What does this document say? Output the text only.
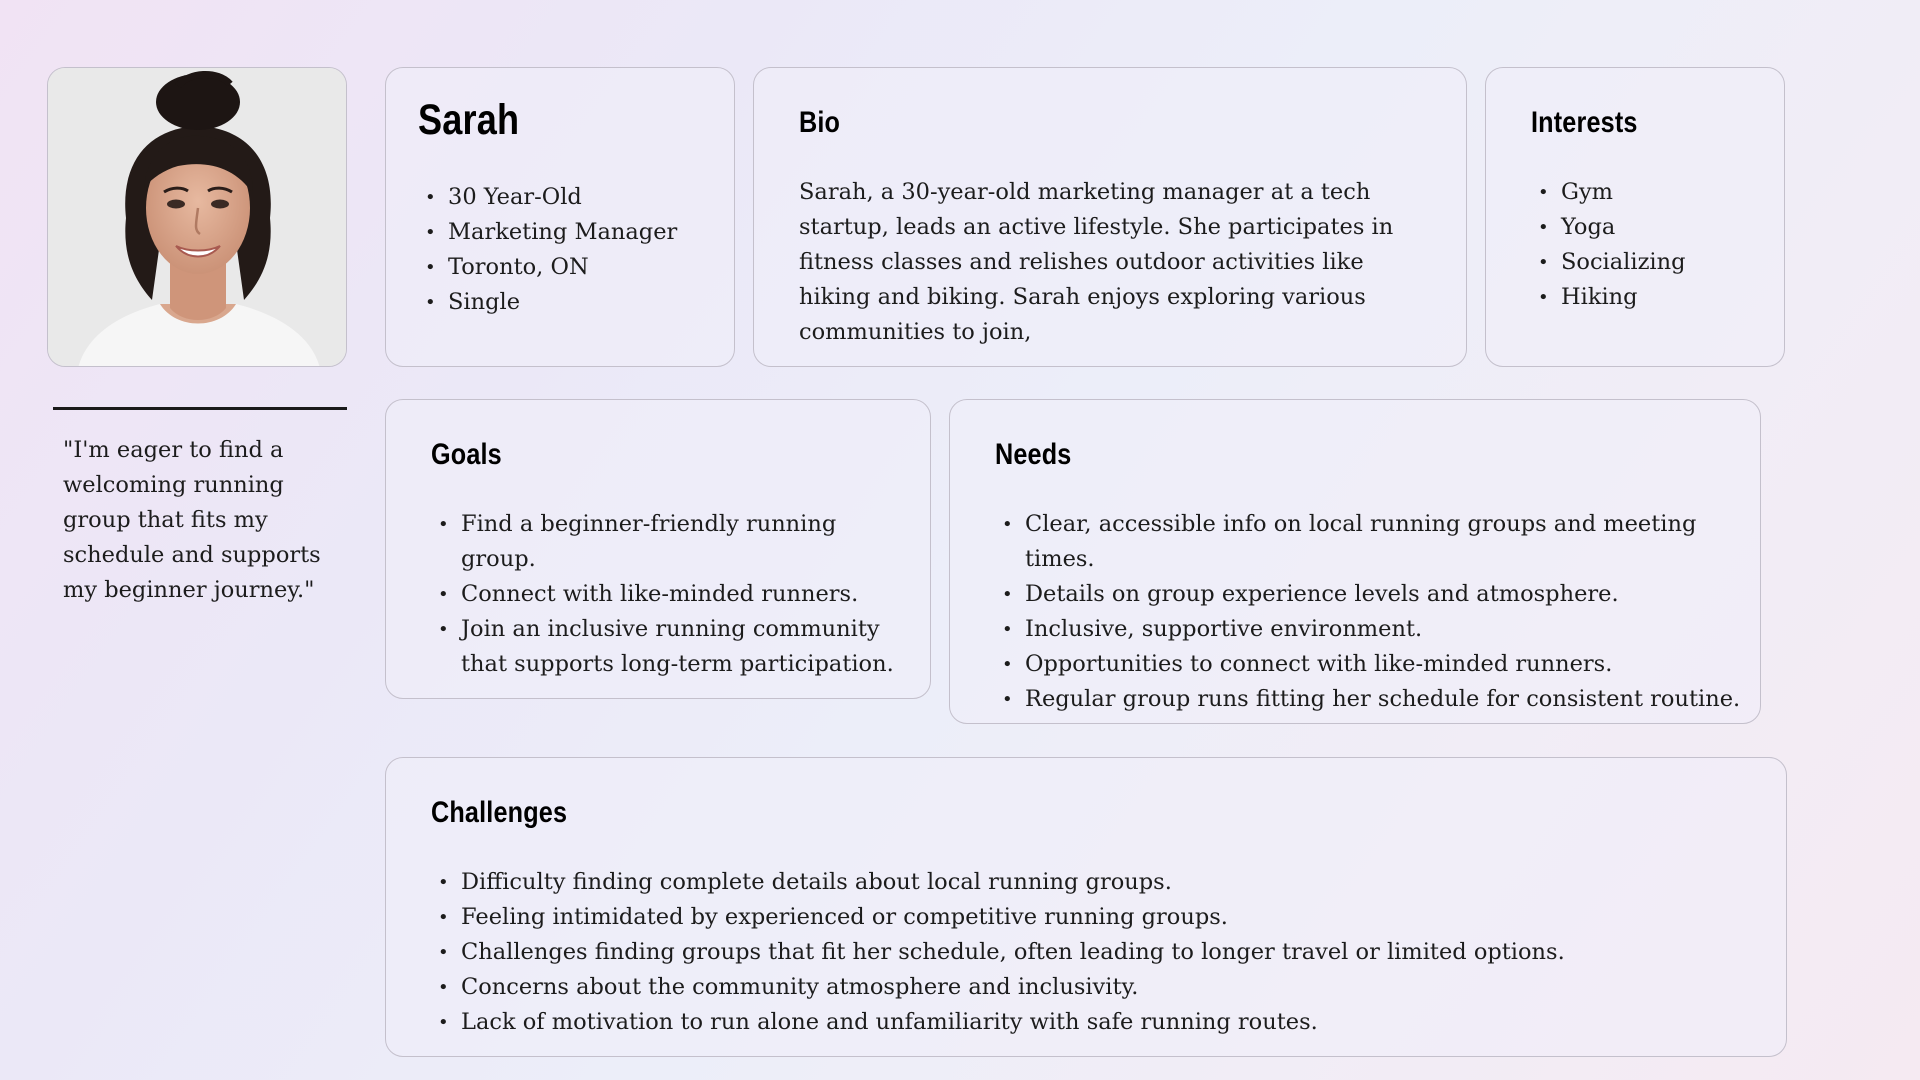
"I'm eager to find a welcoming running group that fits my schedule and supports my beginner journey."
Sarah
• 30 Year-Old
• Marketing Manager
• Toronto, ON
• Single
Bio
Sarah, a 30-year-old marketing manager at a tech startup, leads an active lifestyle. She participates in fitness classes and relishes outdoor activities like hiking and biking. Sarah enjoys exploring various communities to join,
Interests
• Gym
• Yoga
• Socializing
• Hiking
Goals
• Find a beginner-friendly running group.
• Connect with like-minded runners.
• Join an inclusive running community that supports long-term participation.
Needs
• Clear, accessible info on local running groups and meeting times.
• Details on group experience levels and atmosphere.
• Inclusive, supportive environment.
• Opportunities to connect with like-minded runners.
• Regular group runs fitting her schedule for consistent routine.
Challenges
• Difficulty finding complete details about local running groups.
• Feeling intimidated by experienced or competitive running groups.
• Challenges finding groups that fit her schedule, often leading to longer travel or limited options.
• Concerns about the community atmosphere and inclusivity.
• Lack of motivation to run alone and unfamiliarity with safe running routes.
